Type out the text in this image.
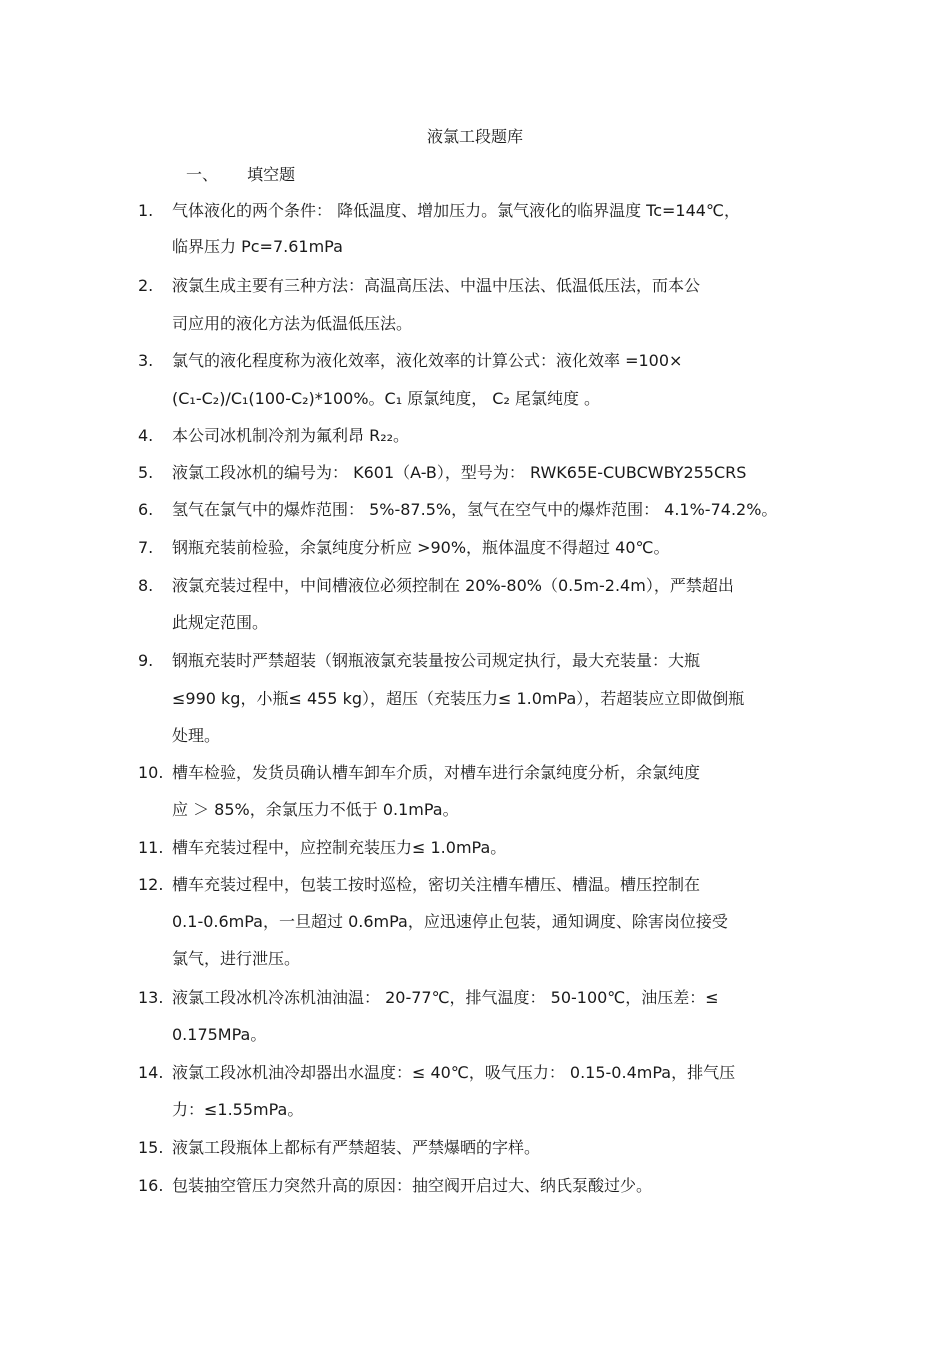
液氯工段题库
一、 填空题
1. 气体液化的两个条件： 降低温度、增加压力。氯气液化的临界温度 Tc=144℃，
临界压力 Pc=7.61mPa
2. 液氯生成主要有三种方法：高温高压法、中温中压法、低温低压法，而本公
司应用的液化方法为低温低压法。
3. 氯气的液化程度称为液化效率，液化效率的计算公式：液化效率 =100×
(C₁-C₂)/C₁(100-C₂)*100%。C₁ 原氯纯度， C₂ 尾氯纯度 。
4. 本公司冰机制冷剂为氟利昂 R₂₂。
5. 液氯工段冰机的编号为： K601（A-B），型号为： RWK65E-CUBCWBY255CRS
6. 氢气在氯气中的爆炸范围： 5%-87.5%，氢气在空气中的爆炸范围： 4.1%-74.2%。
7. 钢瓶充装前检验，余氯纯度分析应 >90%，瓶体温度不得超过 40℃。
8. 液氯充装过程中，中间槽液位必须控制在 20%-80%（0.5m-2.4m），严禁超出
此规定范围。
9. 钢瓶充装时严禁超装（钢瓶液氯充装量按公司规定执行，最大充装量：大瓶
≤990 kg，小瓶≤ 455 kg），超压（充装压力≤ 1.0mPa），若超装应立即做倒瓶
处理。
10. 槽车检验，发货员确认槽车卸车介质，对槽车进行余氯纯度分析，余氯纯度
应 ＞ 85%，余氯压力不低于 0.1mPa。
11. 槽车充装过程中，应控制充装压力≤ 1.0mPa。
12. 槽车充装过程中，包装工按时巡检，密切关注槽车槽压、槽温。槽压控制在
0.1-0.6mPa，一旦超过 0.6mPa，应迅速停止包装，通知调度、除害岗位接受
氯气，进行泄压。
13. 液氯工段冰机冷冻机油油温： 20-77℃，排气温度： 50-100℃，油压差：≤
0.175MPa。
14. 液氯工段冰机油冷却器出水温度：≤ 40℃，吸气压力： 0.15-0.4mPa，排气压
力：≤1.55mPa。
15. 液氯工段瓶体上都标有严禁超装、严禁爆晒的字样。
16. 包装抽空管压力突然升高的原因：抽空阀开启过大、纳氏泵酸过少。
